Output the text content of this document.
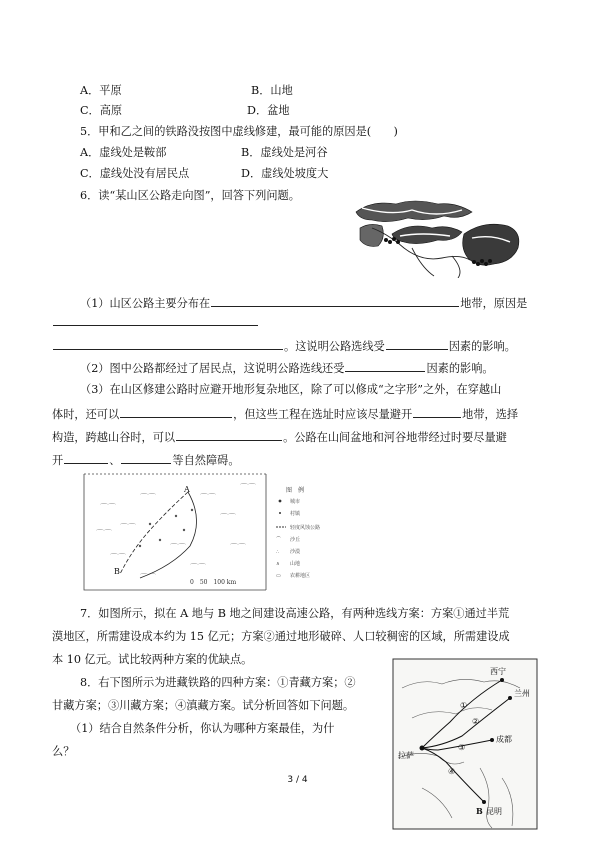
A．平原	B．山地
C．高原	D．盆地
5．甲和乙之间的铁路没按图中虚线修建，最可能的原因是(　　)
A．虚线处是鞍部	B．虚线处是河谷
C．虚线处没有居民点	D．虚线处坡度大
6．读“某山区公路走向图”，回答下列问题。
（1）山区公路主要分布在	地带，原因是
。这说明公路选线受	因素的影响。
（2）图中公路都经过了居民点，这说明公路选线还受	因素的影响。
（3）在山区修建公路时应避开地形复杂地区，除了可以修成“之字形”之外，在穿越山
体时，还可以	，但这些工程在选址时应该尽量避开	地带，选择
构造，跨越山谷时，可以	。公路在山间盆地和河谷地带经过时要尽量避
开	、	等自然障碍。
⌒⌒
⌒⌒
⌒⌒	⌒⌒
⌒⌒
⌒⌒
⌒⌒
⌒⌒
⌒⌒
⌒⌒
⌒⌒
⌒⌒
A
B
0　50　100 km
图　例
城市
村镇
轻度风蚀公路
⌒ 沙丘
∴ 沙漠
∧ 山地
▭ 农耕地区
7．如图所示，拟在 A 地与 B 地之间建设高速公路，有两种选线方案：方案①通过半荒
漠地区，所需建设成本约为 15 亿元；方案②通过地形破碎、人口较稠密的区域，所需建设成
本 10 亿元。试比较两种方案的优缺点。
8．右下图所示为进藏铁路的四种方案：①青藏方案；②
甘藏方案；③川藏方案；④滇藏方案。试分析回答如下问题。
（1）结合自然条件分析，你认为哪种方案最佳，为什
么？
西宁
兰州
拉萨
成都
昆明
B
①
②
③
④
3 / 4
